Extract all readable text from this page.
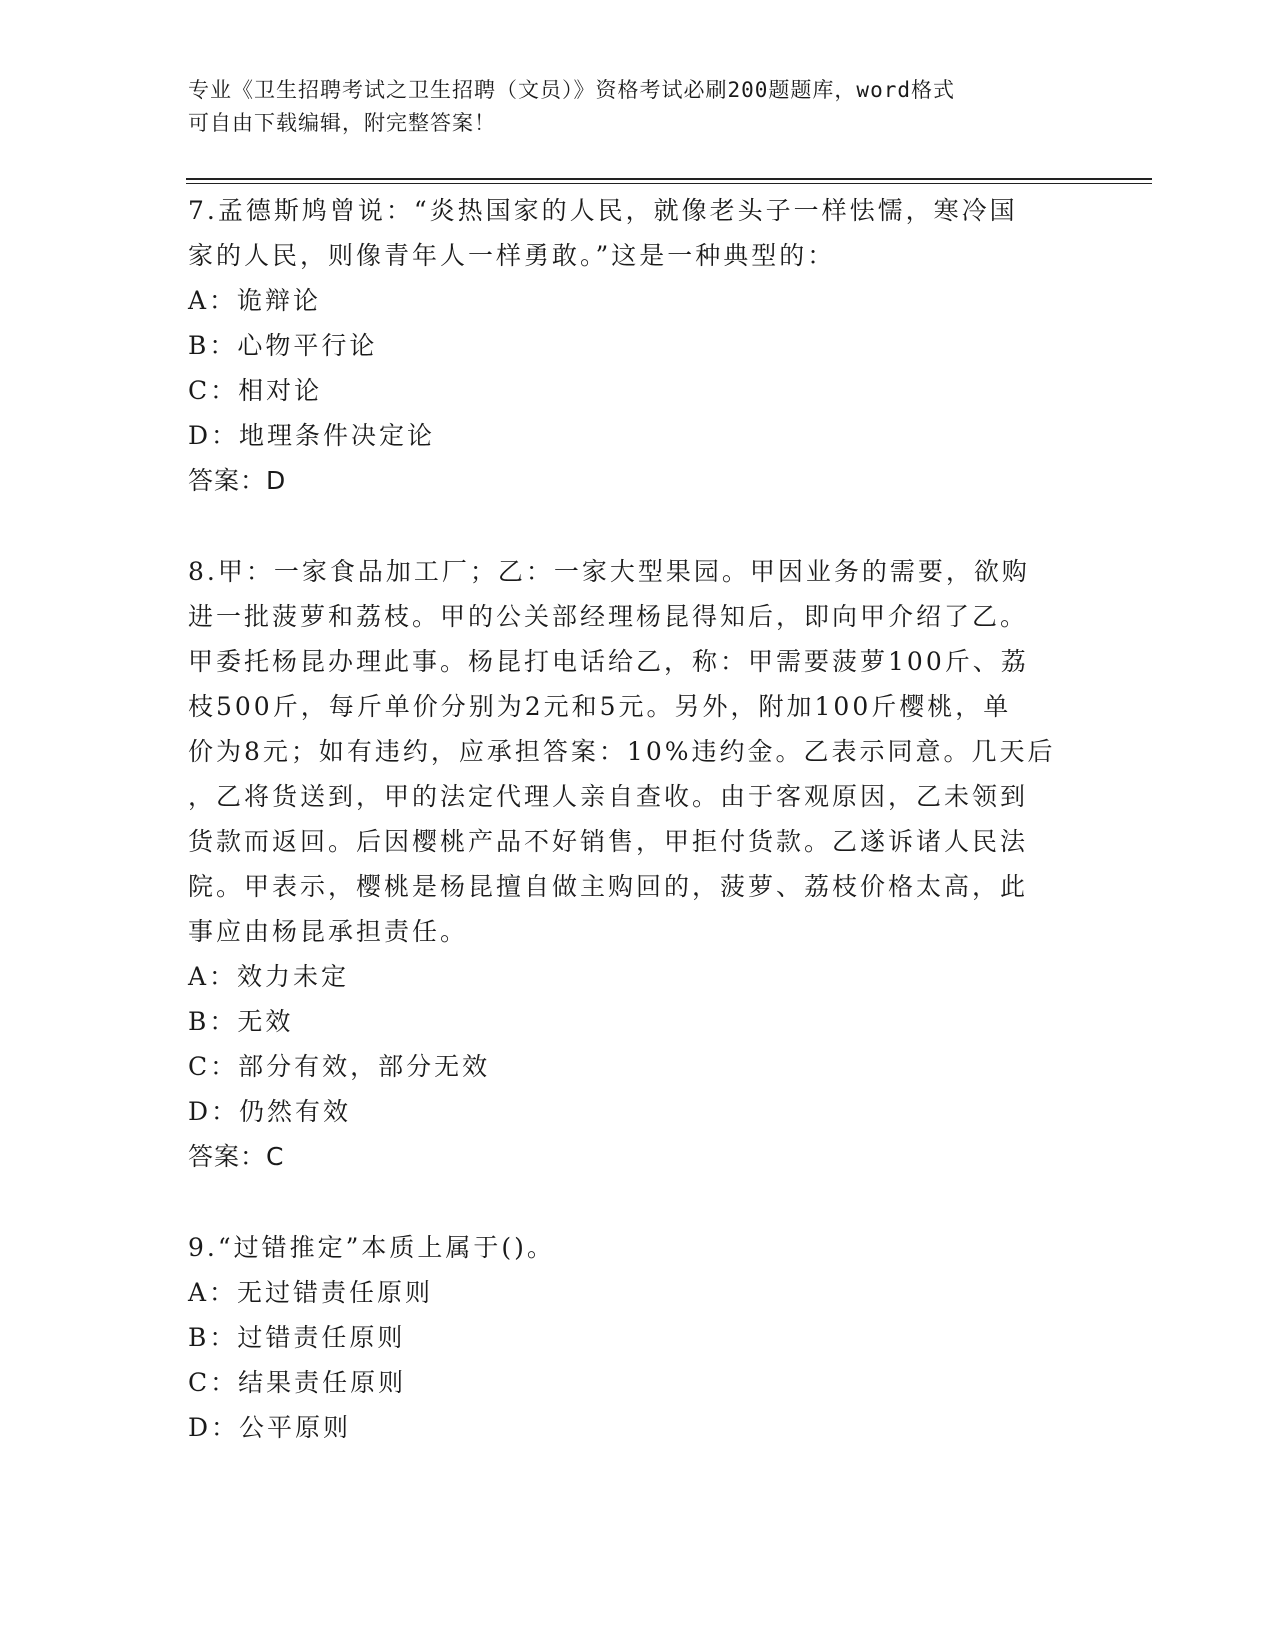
专业《卫生招聘考试之卫生招聘（文员）》资格考试必刷200题题库，word格式
可自由下载编辑，附完整答案！

7.孟德斯鸠曾说：“炎热国家的人民，就像老头子一样怯懦，寒冷国

家的人民，则像青年人一样勇敢。”这是一种典型的：

A：诡辩论

B：心物平行论

C：相对论

D：地理条件决定论

答案：D

8.甲：一家食品加工厂；乙：一家大型果园。甲因业务的需要，欲购

进一批菠萝和荔枝。甲的公关部经理杨昆得知后，即向甲介绍了乙。

甲委托杨昆办理此事。杨昆打电话给乙，称：甲需要菠萝100斤、荔

枝500斤，每斤单价分别为2元和5元。另外，附加100斤樱桃，单

价为8元；如有违约，应承担答案：10%违约金。乙表示同意。几天后

，乙将货送到，甲的法定代理人亲自查收。由于客观原因，乙未领到

货款而返回。后因樱桃产品不好销售，甲拒付货款。乙遂诉诸人民法

院。甲表示，樱桃是杨昆擅自做主购回的，菠萝、荔枝价格太高，此

事应由杨昆承担责任。

A：效力未定

B：无效

C：部分有效，部分无效

D：仍然有效

答案：C

9.“过错推定”本质上属于()。

A：无过错责任原则

B：过错责任原则

C：结果责任原则

D：公平原则
